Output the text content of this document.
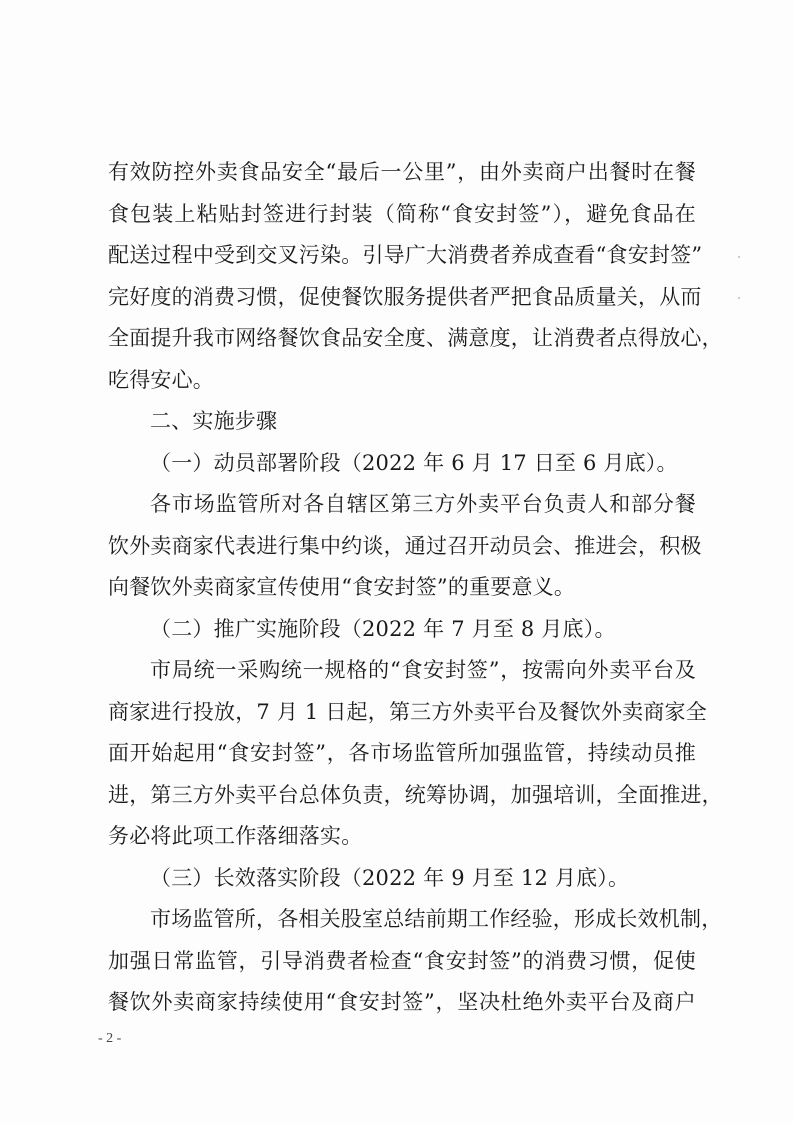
有效防控外卖食品安全“最后一公里”，由外卖商户出餐时在餐
食包装上粘贴封签进行封装（简称“食安封签”），避免食品在
配送过程中受到交叉污染。引导广大消费者养成查看“食安封签”
完好度的消费习惯，促使餐饮服务提供者严把食品质量关，从而
全面提升我市网络餐饮食品安全度、满意度，让消费者点得放心，
吃得安心。
二、实施步骤
（一）动员部署阶段（2022 年 6 月 17 日至 6 月底）。
各市场监管所对各自辖区第三方外卖平台负责人和部分餐
饮外卖商家代表进行集中约谈，通过召开动员会、推进会，积极
向餐饮外卖商家宣传使用“食安封签”的重要意义。
（二）推广实施阶段（2022 年 7 月至 8 月底）。
市局统一采购统一规格的“食安封签”，按需向外卖平台及
商家进行投放，7 月 1 日起，第三方外卖平台及餐饮外卖商家全
面开始起用“食安封签”，各市场监管所加强监管，持续动员推
进，第三方外卖平台总体负责，统筹协调，加强培训，全面推进，
务必将此项工作落细落实。
（三）长效落实阶段（2022 年 9 月至 12 月底）。
市场监管所，各相关股室总结前期工作经验，形成长效机制，
加强日常监管，引导消费者检查“食安封签”的消费习惯，促使
餐饮外卖商家持续使用“食安封签”，坚决杜绝外卖平台及商户
- 2 -
